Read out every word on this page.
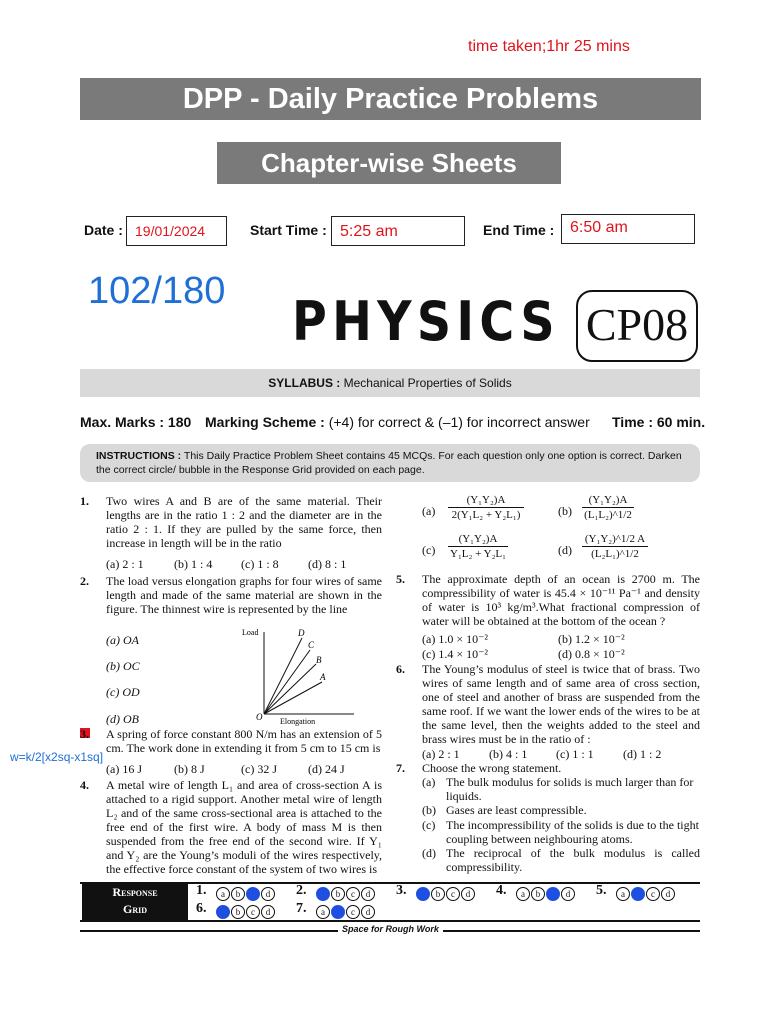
time taken;1hr 25 mins
DPP - Daily Practice Problems
Chapter-wise Sheets
Date : 19/01/2024	Start Time : 5:25 am	End Time : 6:50 am
102/180 PHYSICS CP08
SYLLABUS : Mechanical Properties of Solids
Max. Marks : 180 Marking Scheme : (+4) for correct & (–1) for incorrect answer Time : 60 min.
INSTRUCTIONS : This Daily Practice Problem Sheet contains 45 MCQs. For each question only one option is correct. Darken the correct circle/ bubble in the Response Grid provided on each page.
1. Two wires A and B are of the same material. Their lengths are in the ratio 1 : 2 and the diameter are in the ratio 2 : 1. If they are pulled by the same force, then increase in length will be in the ratio
(a) 2 : 1	(b) 1 : 4 (c) 1 : 8 (d) 8 : 1
2. The load versus elongation graphs for four wires of same length and made of the same material are shown in the figure. The thinnest wire is represented by the line
(a) OA
(b) OC
(c) OD
(d) OB
Load
Elongation
O
D
C
B
A
3. A spring of force constant 800 N/m has an extension of 5 cm. The work done in extending it from 5 cm to 15 cm is
w=k/2[x2sq-x1sq]
(a) 16 J	(b) 8 J	(c) 32 J	(d) 24 J
4. A metal wire of length L₁ and area of cross-section A is attached to a rigid support. Another metal wire of length L₂ and of the same cross-sectional area is attached to the free end of the first wire. A body of mass M is then suspended from the free end of the second wire. If Y₁ and Y₂ are the Young’s moduli of the wires respectively, the effective force constant of the system of two wires is
$(a) \frac{\text{(Y₁Y₂)A}}{\text{2(Y₁L₂ + Y₂L₁)}}$	$(b) \frac{\text{(Y₁Y₂)A}}{\text{(L₁L₂)\textasciicircum{}1/2}}$
$(c) \frac{\text{(Y₁Y₂)A}}{\text{Y₁L₂ + Y₂L₁}}$	$(d) \frac{\text{(Y₁Y₂)\textasciicircum{}1/2 A}}{\text{(L₂L₁)\textasciicircum{}1/2}}$
5. The approximate depth of an ocean is 2700 m. The compressibility of water is 45.4 × 10⁻¹¹ Pa⁻¹ and density of water is 10³ kg/m³.What fractional compression of water will be obtained at the bottom of the ocean ?
(a) 1.0 × 10⁻²	(b) 1.2 × 10⁻²
(c) 1.4 × 10⁻²	(d) 0.8 × 10⁻²
6. The Young’s modulus of steel is twice that of brass. Two wires of same length and of same area of cross section, one of steel and another of brass are suspended from the same roof. If we want the lower ends of the wires to be at the same level, then the weights added to the steel and brass wires must be in the ratio of :
(a) 2 : 1 (b) 4 : 1 (c) 1 : 1 (d) 1 : 2
7. Choose the wrong statement.
(a) The bulk modulus for solids is much larger than for liquids.
(b) Gases are least compressible.
(c) The incompressibility of the solids is due to the tight coupling between neighbouring atoms.
(d) The reciprocal of the bulk modulus is called compressibility.
Response
Grid
1.	a b	d	2.	b c d	3.	b c d	4.	a b	d	5.	a	c d
6.	b c d	7.	a	c d
Space for Rough Work
